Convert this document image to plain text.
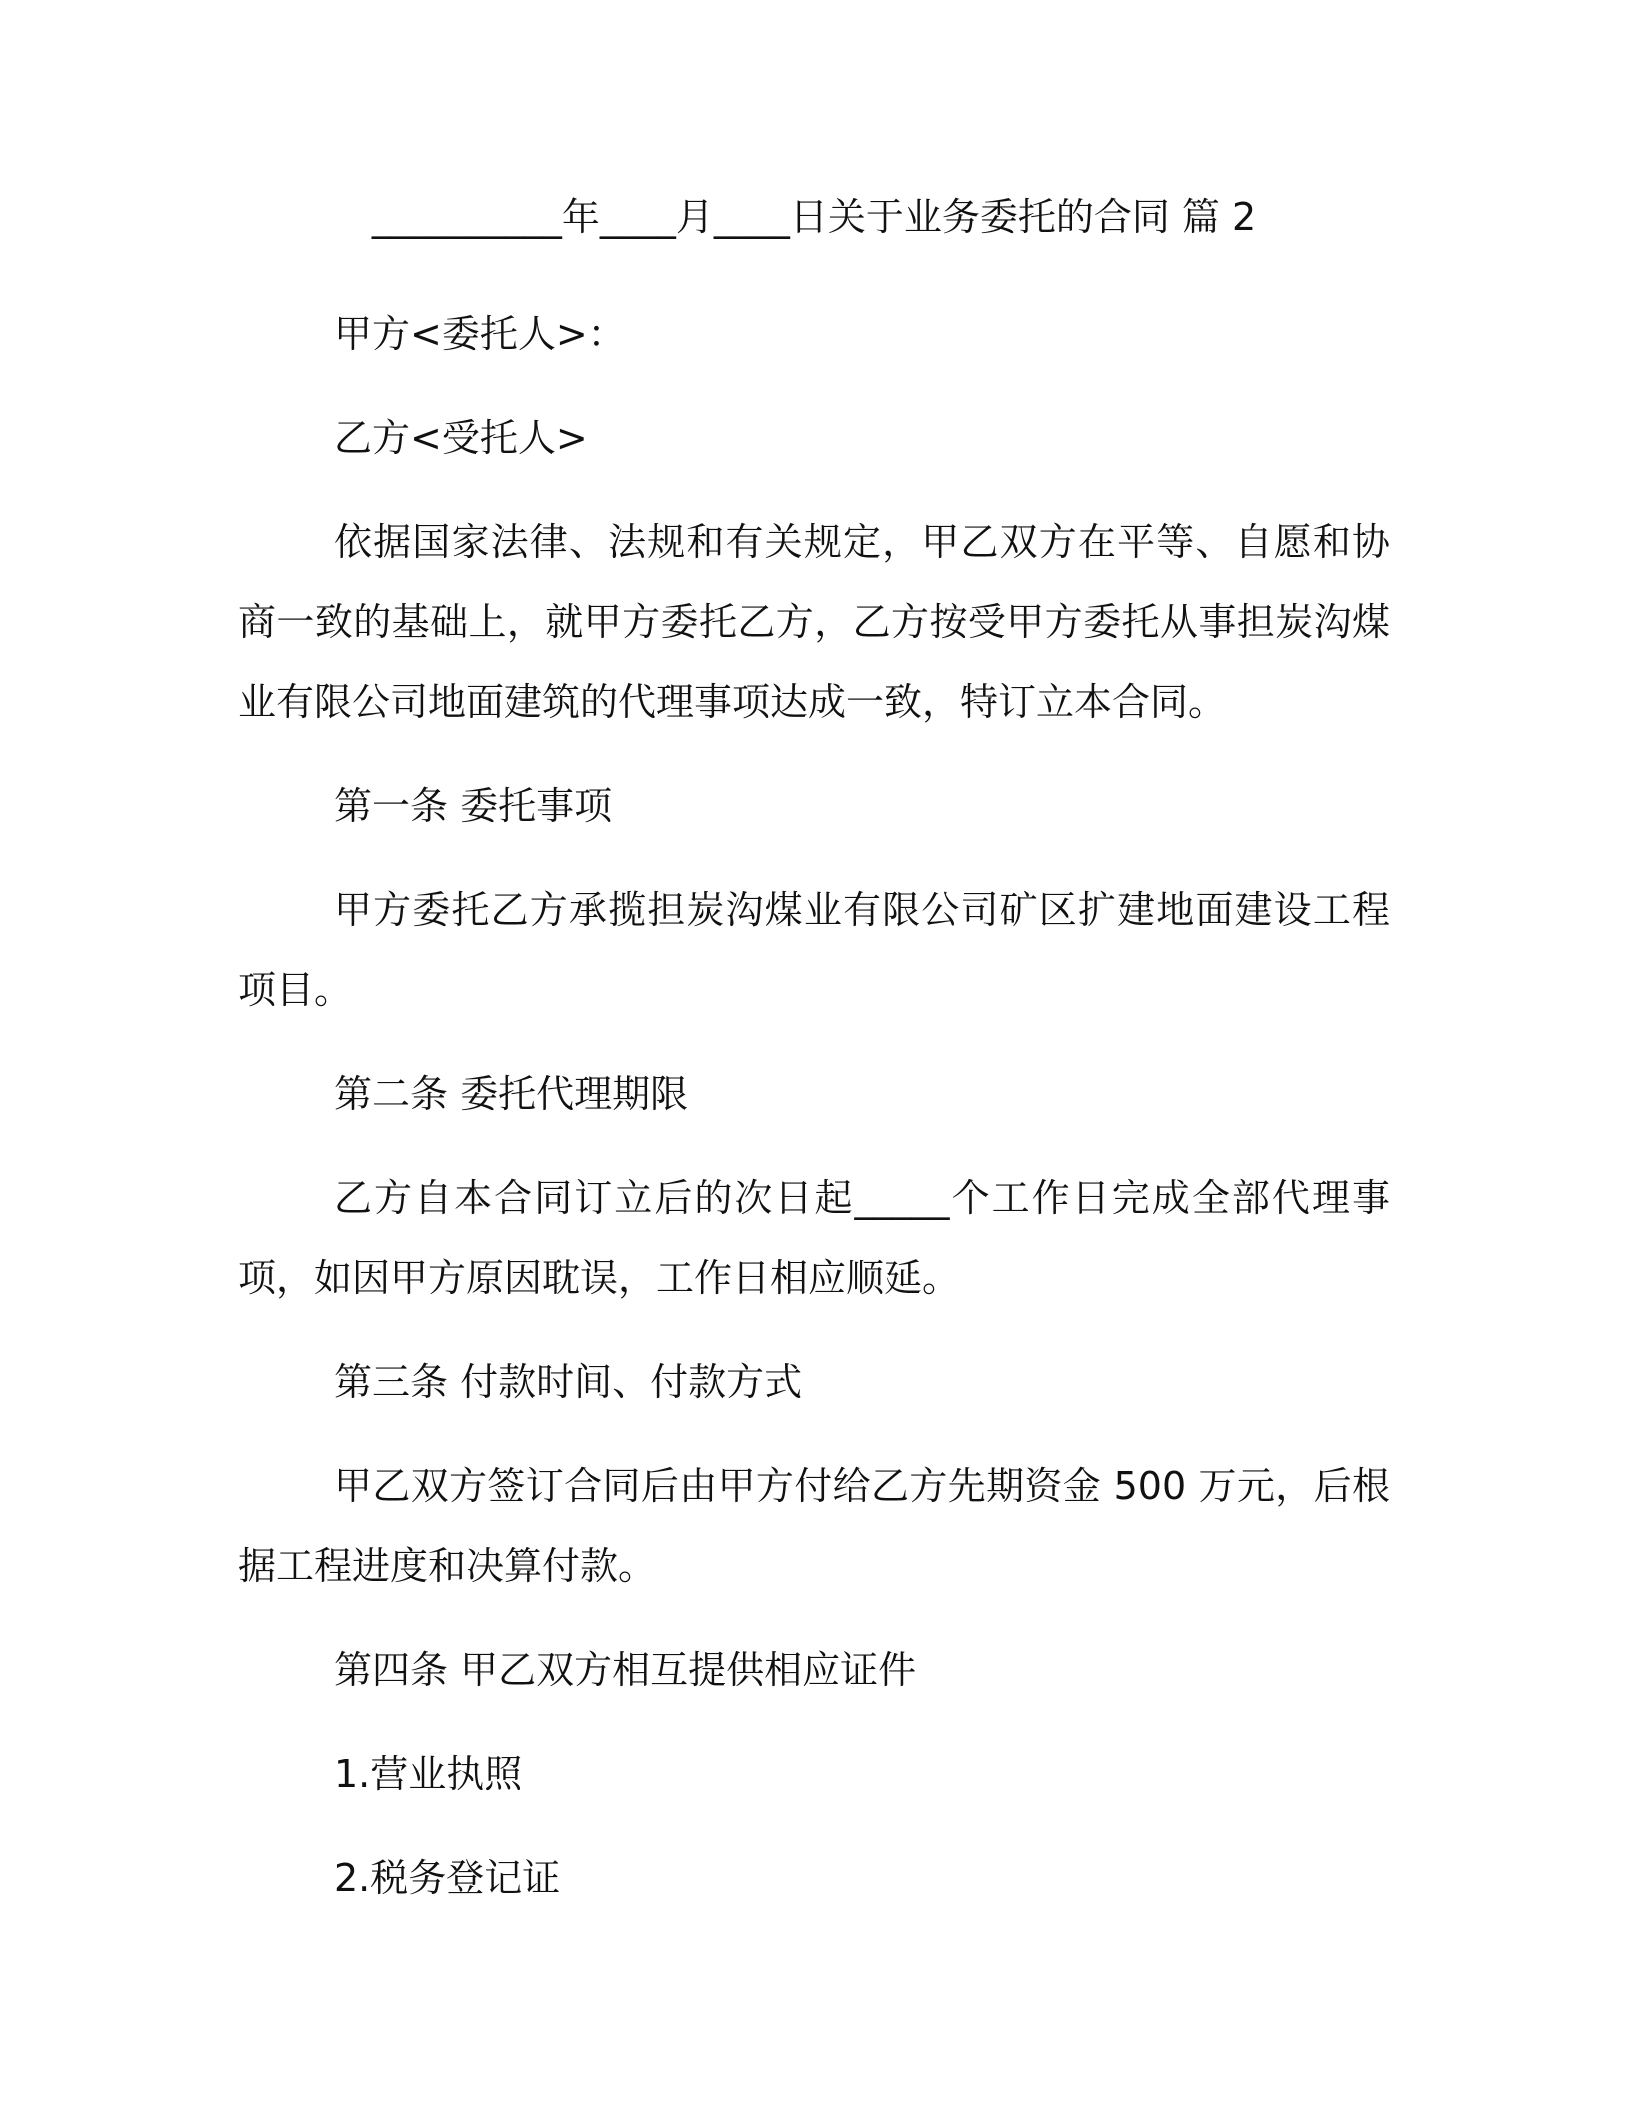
__________年____月____日关于业务委托的合同 篇 2
甲方<委托人>：
乙方<受托人>
依据国家法律、法规和有关规定，甲乙双方在平等、自愿和协商一致的基础上，就甲方委托乙方，乙方按受甲方委托从事担炭沟煤业有限公司地面建筑的代理事项达成一致，特订立本合同。
第一条 委托事项
甲方委托乙方承揽担炭沟煤业有限公司矿区扩建地面建设工程项目。
第二条 委托代理期限
乙方自本合同订立后的次日起_____个工作日完成全部代理事项，如因甲方原因耽误，工作日相应顺延。
第三条 付款时间、付款方式
甲乙双方签订合同后由甲方付给乙方先期资金 500 万元，后根据工程进度和决算付款。
第四条 甲乙双方相互提供相应证件
1.营业执照
2.税务登记证
